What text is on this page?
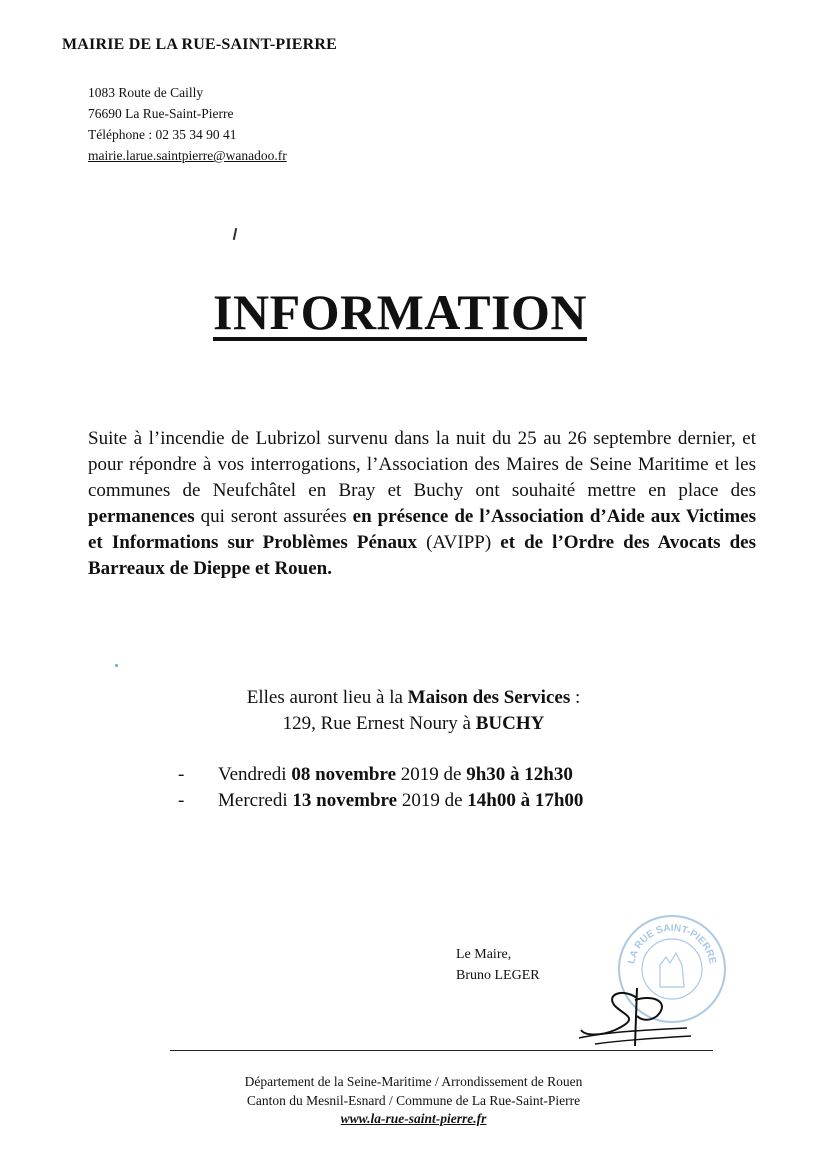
MAIRIE DE LA RUE-SAINT-PIERRE
1083 Route de Cailly
76690 La Rue-Saint-Pierre
Téléphone : 02 35 34 90 41
mairie.larue.saintpierre@wanadoo.fr
INFORMATION
Suite à l’incendie de Lubrizol survenu dans la nuit du 25 au 26 septembre dernier, et pour répondre à vos interrogations, l’Association des Maires de Seine Maritime et les communes de Neufchâtel en Bray et Buchy ont souhaité mettre en place des permanences qui seront assurées en présence de l’Association d’Aide aux Victimes et Informations sur Problèmes Pénaux (AVIPP) et de l’Ordre des Avocats des Barreaux de Dieppe et Rouen.
Elles auront lieu à la Maison des Services :
129, Rue Ernest Noury à BUCHY
- Vendredi 08 novembre 2019 de 9h30 à 12h30
- Mercredi 13 novembre 2019 de 14h00 à 17h00
Le Maire,
Bruno LEGER
LA RUE SAINT-PIERRE
Département de la Seine-Maritime / Arrondissement de Rouen
Canton du Mesnil-Esnard / Commune de La Rue-Saint-Pierre
www.la-rue-saint-pierre.fr
